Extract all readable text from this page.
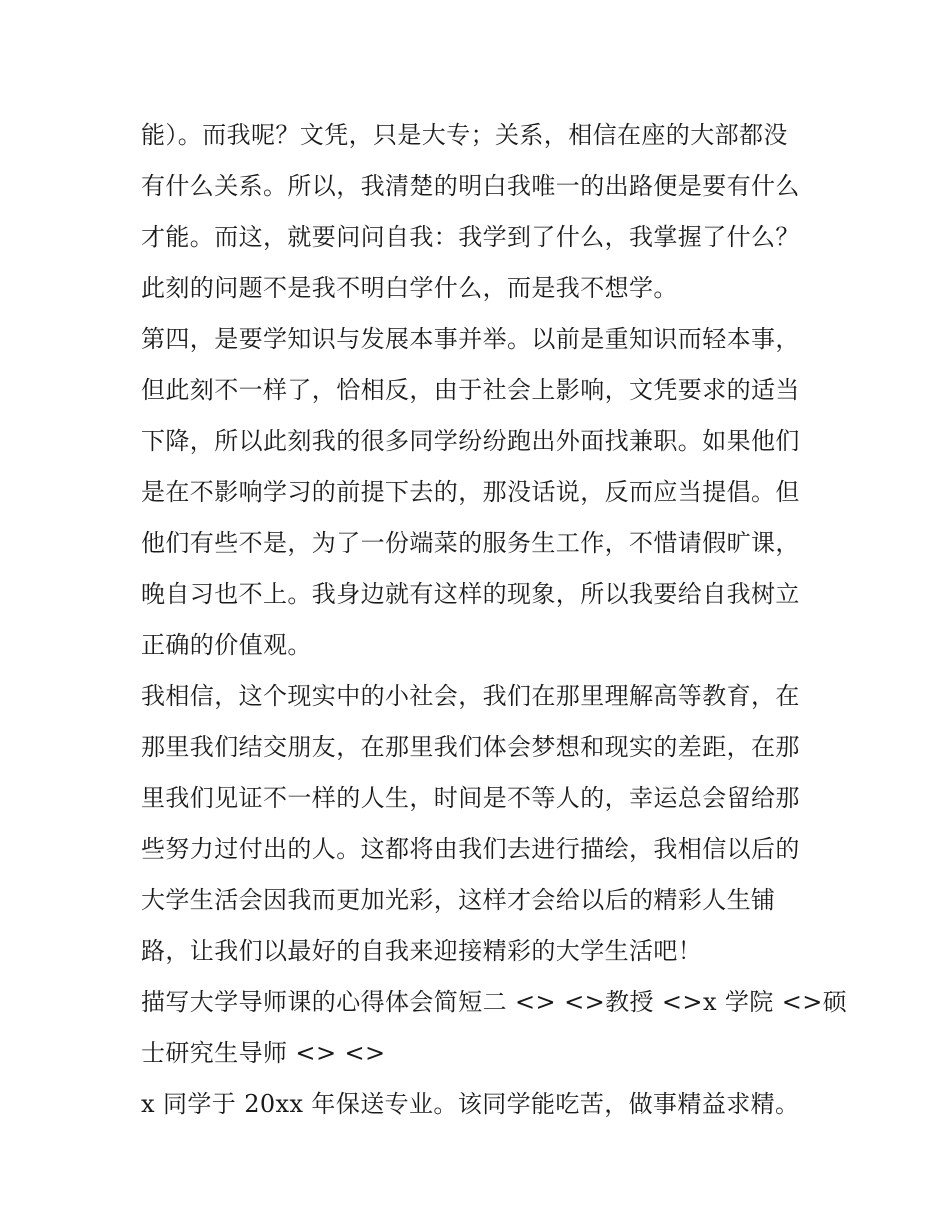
能）。而我呢？文凭，只是大专；关系，相信在座的大部都没
有什么关系。所以，我清楚的明白我唯一的出路便是要有什么
才能。而这，就要问问自我：我学到了什么，我掌握了什么？
此刻的问题不是我不明白学什么，而是我不想学。
第四，是要学知识与发展本事并举。以前是重知识而轻本事，
但此刻不一样了，恰相反，由于社会上影响，文凭要求的适当
下降，所以此刻我的很多同学纷纷跑出外面找兼职。如果他们
是在不影响学习的前提下去的，那没话说，反而应当提倡。但
他们有些不是，为了一份端菜的服务生工作，不惜请假旷课，
晚自习也不上。我身边就有这样的现象，所以我要给自我树立
正确的价值观。
我相信，这个现实中的小社会，我们在那里理解高等教育，在
那里我们结交朋友，在那里我们体会梦想和现实的差距，在那
里我们见证不一样的人生，时间是不等人的，幸运总会留给那
些努力过付出的人。这都将由我们去进行描绘，我相信以后的
大学生活会因我而更加光彩，这样才会给以后的精彩人生铺
路，让我们以最好的自我来迎接精彩的大学生活吧！
描写大学导师课的心得体会简短二 <> <>教授 <>x 学院 <>硕
士研究生导师 <> <>
x 同学于 20xx 年保送专业。该同学能吃苦，做事精益求精。
